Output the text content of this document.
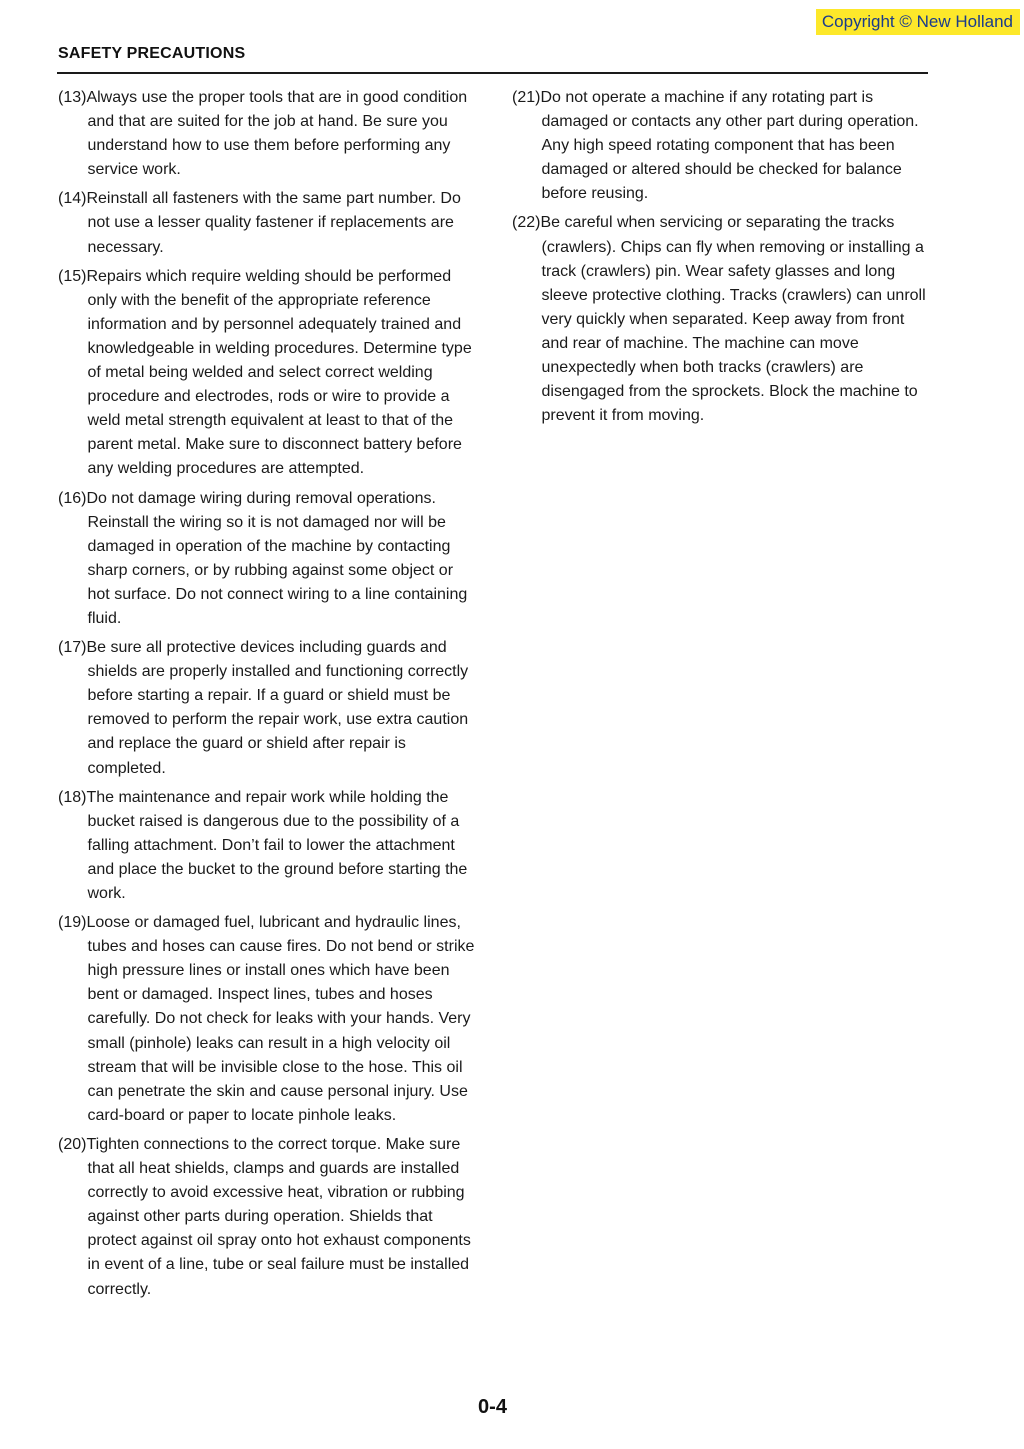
Copyright © New Holland
SAFETY PRECAUTIONS
(13)Always use the proper tools that are in good condition and that are suited for the job at hand. Be sure you understand how to use them before performing any service work.
(14)Reinstall all fasteners with the same part number. Do not use a lesser quality fastener if replacements are necessary.
(15)Repairs which require welding should be performed only with the benefit of the appropriate reference information and by personnel adequately trained and knowledgeable in welding procedures. Determine type of metal being welded and select correct welding procedure and electrodes, rods or wire to provide a weld metal strength equivalent at least to that of the parent metal. Make sure to disconnect battery before any welding procedures are attempted.
(16)Do not damage wiring during removal operations. Reinstall the wiring so it is not damaged nor will be damaged in operation of the machine by contacting sharp corners, or by rubbing against some object or hot surface. Do not connect wiring to a line containing fluid.
(17)Be sure all protective devices including guards and shields are properly installed and functioning correctly before starting a repair. If a guard or shield must be removed to perform the repair work, use extra caution and replace the guard or shield after repair is completed.
(18)The maintenance and repair work while holding the bucket raised is dangerous due to the possibility of a falling attachment. Don’t fail to lower the attachment and place the bucket to the ground before starting the work.
(19)Loose or damaged fuel, lubricant and hydraulic lines, tubes and hoses can cause fires. Do not bend or strike high pressure lines or install ones which have been bent or damaged. Inspect lines, tubes and hoses carefully. Do not check for leaks with your hands. Very small (pinhole) leaks can result in a high velocity oil stream that will be invisible close to the hose. This oil can penetrate the skin and cause personal injury. Use card-board or paper to locate pinhole leaks.
(20)Tighten connections to the correct torque. Make sure that all heat shields, clamps and guards are installed correctly to avoid excessive heat, vibration or rubbing against other parts during operation. Shields that protect against oil spray onto hot exhaust components in event of a line, tube or seal failure must be installed correctly.
(21)Do not operate a machine if any rotating part is damaged or contacts any other part during operation. Any high speed rotating component that has been damaged or altered should be checked for balance before reusing.
(22)Be careful when servicing or separating the tracks (crawlers). Chips can fly when removing or installing a track (crawlers) pin. Wear safety glasses and long sleeve protective clothing. Tracks (crawlers) can unroll very quickly when separated. Keep away from front and rear of machine. The machine can move unexpectedly when both tracks (crawlers) are disengaged from the sprockets. Block the machine to prevent it from moving.
0-4
